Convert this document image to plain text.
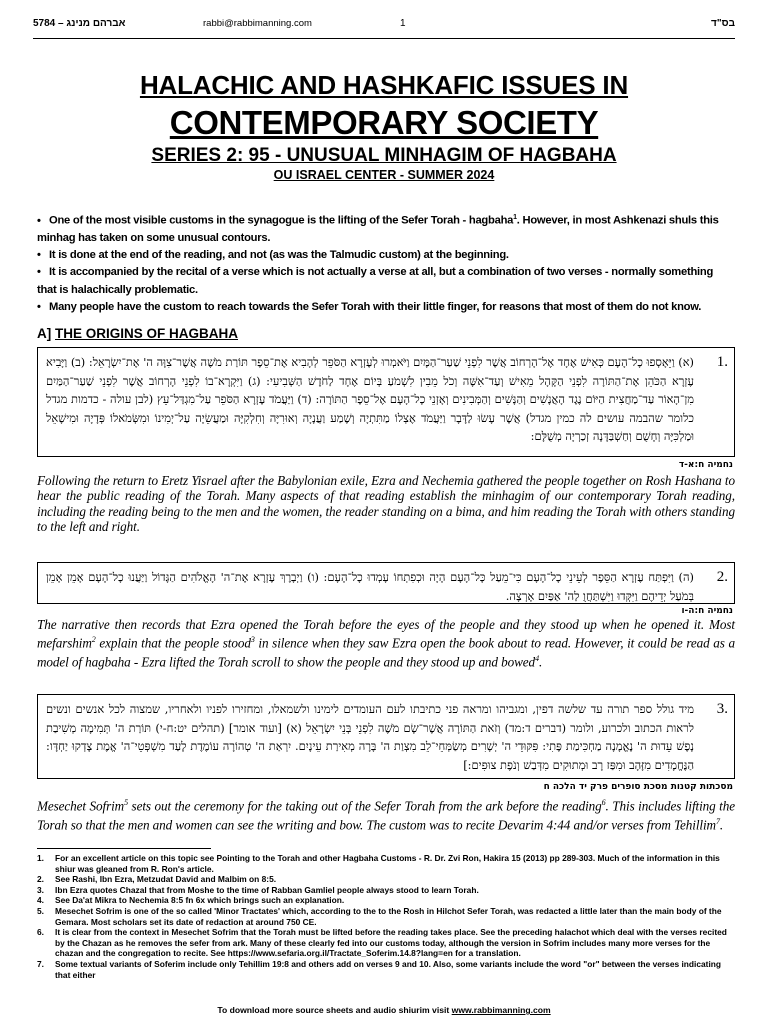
5784 – אברהם מנינג	rabbi@rabbimanning.com	1	בס"ד
HALACHIC AND HASHKAFIC ISSUES IN
CONTEMPORARY SOCIETY
SERIES 2: 95 - UNUSUAL MINHAGIM OF HAGBAHA
OU ISRAEL CENTER - SUMMER 2024

• One of the most visible customs in the synagogue is the lifting of the Sefer Torah - hagbaha$^1$. However, in most Ashkenazi shuls this minhag has taken on some unusual contours.

• It is done at the end of the reading, and not (as was the Talmudic custom) at the beginning.

• It is accompanied by the recital of a verse which is not actually a verse at all, but a combination of two verses - normally something that is halachically problematic.

• Many people have the custom to reach towards the Sefer Torah with their little finger, for reasons that most of them do not know.

A] THE ORIGINS OF HAGBAHA
(א) וַיֵּאָסְפוּ כָל־הָעָם כְּאִישׁ אֶחָד אֶל־הָרְחוֹב אֲשֶׁר לִפְנֵי שַׁעַר־הַמָּיִם וַיֹּאמְרוּ לְעֶזְרָא הַסֹּפֵר לְהָבִיא אֶת־סֵפֶר תּוֹרַת מֹשֶׁה אֲשֶׁר־צִוָּה ה' אֶת־יִשְׂרָאֵל: (ב) וַיָּבִיא עֶזְרָא הַכֹּהֵן אֶת־הַתּוֹרָה לִפְנֵי הַקָּהָל מֵאִישׁ וְעַד־אִשָּׁה וְכֹל מֵבִין לִשְׁמֹעַ בְּיוֹם אֶחָד לַחֹדֶשׁ הַשְּׁבִיעִי: (ג) וַיִּקְרָא־בוֹ לִפְנֵי הָרְחוֹב אֲשֶׁר לִפְנֵי שַׁעַר־הַמַּיִם מִן־הָאוֹר עַד־מַחֲצִית הַיּוֹם נֶגֶד הָאֲנָשִׁים וְהַנָּשִׁים וְהַמְּבִינִים וְאָזְנֵי כָל־הָעָם אֶל־סֵפֶר הַתּוֹרָה: (ד) וַיַּעֲמֹד עֶזְרָא הַסֹּפֵר עַל־מִגְדַּל־עֵץ (לבן עולה - כדמות מגדל כלומר שהבמה עושים לה כמין מגדל) אֲשֶׁר עָשׂוּ לַדָּבָר וַיַּעֲמֹד אֶצְלוֹ מַתִּתְיָה וְשֶׁמַע וַעֲנָיָה וְאוּרִיָּה וְחִלְקִיָּה וּמַעֲשֵׂיָה עַל־יְמִינוֹ וּמִשְּׂמֹאלוֹ פְּדָיָה וּמִישָׁאֵל וּמַלְכִּיָּה וְחָשֻׁם וְחַשְׁבַּדָּנָה זְכַרְיָה מְשֻׁלָּם:
1.
נחמיה ח:א-ד
Following the return to Eretz Yisrael after the Babylonian exile, Ezra and Nechemia gathered the people together on Rosh Hashana to hear the public reading of the Torah. Many aspects of that reading establish the minhagim of our contemporary Torah reading, including the reading being to the men and the women, the reader standing on a bima, and him reading the Torah with others standing to the left and right.
(ה) וַיִּפְתַּח עֶזְרָא הַסֵּפֶר לְעֵינֵי כָל־הָעָם כִּי־מֵעַל כָּל־הָעָם הָיָה וּכְפִתְחוֹ עָמְדוּ כָל־הָעָם: (ו) וַיְבָרֶךְ עֶזְרָא אֶת־ה' הָאֱלֹהִים הַגָּדוֹל וַיַּעֲנוּ כָל־הָעָם אָמֵן אָמֵן בְּמֹעַל יְדֵיהֶם וַיִּקְּדוּ וַיִּשְׁתַּחֲוֻ לַה' אַפַּיִם אָרְצָה.
2.
נחמיה ח:ה-ו
The narrative then records that Ezra opened the Torah before the eyes of the people and they stood up when he opened it. Most mefarshim$^2$ explain that the people stood$^3$ in silence when they saw Ezra open the book about to read. However, it could be read as a model of hagbaha - Ezra lifted the Torah scroll to show the people and they stood up and bowed$^4$.
מיד גולל ספר תורה עד שלשה דפין, ומגביהו ומראה פני כתיבתו לעם העומדים לימינו ולשמאלו, ומחזירו לפניו ולאחריו, שמצוה לכל אנשים ונשים לראות הכתוב ולכרוע, ולומר (דברים ד:מד) וְזֹאת הַתּוֹרָה אֲשֶׁר־שָׂם מֹשֶׁה לִפְנֵי בְּנֵי יִשְׂרָאֵל (א) [ועוד אומר] (תהלים יט:ח-י) תּוֹרַת ה' תְּמִימָה מְשִׁיבַת נָפֶשׁ עֵדוּת ה' נֶאֱמָנָה מַחְכִּימַת פֶּתִי: פִּקּוּדֵי ה' יְשָׁרִים מְשַׂמְּחֵי־לֵב מִצְוַת ה' בָּרָה מְאִירַת עֵינָיִם. יִרְאַת ה' טְהוֹרָה עוֹמֶדֶת לָעַד מִשְׁפְּטֵי־ה' אֱמֶת צָדְקוּ יַחְדָּו: הַנֶּחֱמָדִים מִזָּהָב וּמִפַּז רָב וּמְתוּקִים מִדְּבַשׁ וְנֹפֶת צוּפִים:]
3.
מסכתות קטנות מסכת סופרים פרק יד הלכה ח
Mesechet Sofrim$^5$ sets out the ceremony for the taking out of the Sefer Torah from the ark before the reading$^6$. This includes lifting the Torah so that the men and women can see the writing and bow. The custom was to recite Devarim 4:44 and/or verses from Tehillim$^7$.

1. For an excellent article on this topic see Pointing to the Torah and other Hagbaha Customs - R. Dr. Zvi Ron, Hakira 15 (2013) pp 289-303. Much of the information in this shiur was gleaned from R. Ron's article.

2. See Rashi, Ibn Ezra, Metzudat David and Malbim on 8:5.

3. Ibn Ezra quotes Chazal that from Moshe to the time of Rabban Gamliel people always stood to learn Torah.

4. See Da'at Mikra to Nechemia 8:5 fn 6x which brings such an explanation.

5. Mesechet Sofrim is one of the so called 'Minor Tractates' which, according to the to the Rosh in Hilchot Sefer Torah, was redacted a little later than the main body of the Gemara. Most scholars set its date of redaction at around 750 CE.

6. It is clear from the context in Mesechet Sofrim that the Torah must be lifted before the reading takes place. See the preceding halachot which deal with the verses recited by the Chazan as he removes the sefer from ark. Many of these clearly fed into our customs today, although the version in Sofrim includes many more verses for the chazan and the congregation to recite. See https://www.sefaria.org.il/Tractate_Soferim.14.8?lang=en for a translation.

7. Some textual variants of Soferim include only Tehillim 19:8 and others add on verses 9 and 10. Also, some variants include the word "or" between the verses indicating that either

To download more source sheets and audio shiurim visit www.rabbimanning.com
